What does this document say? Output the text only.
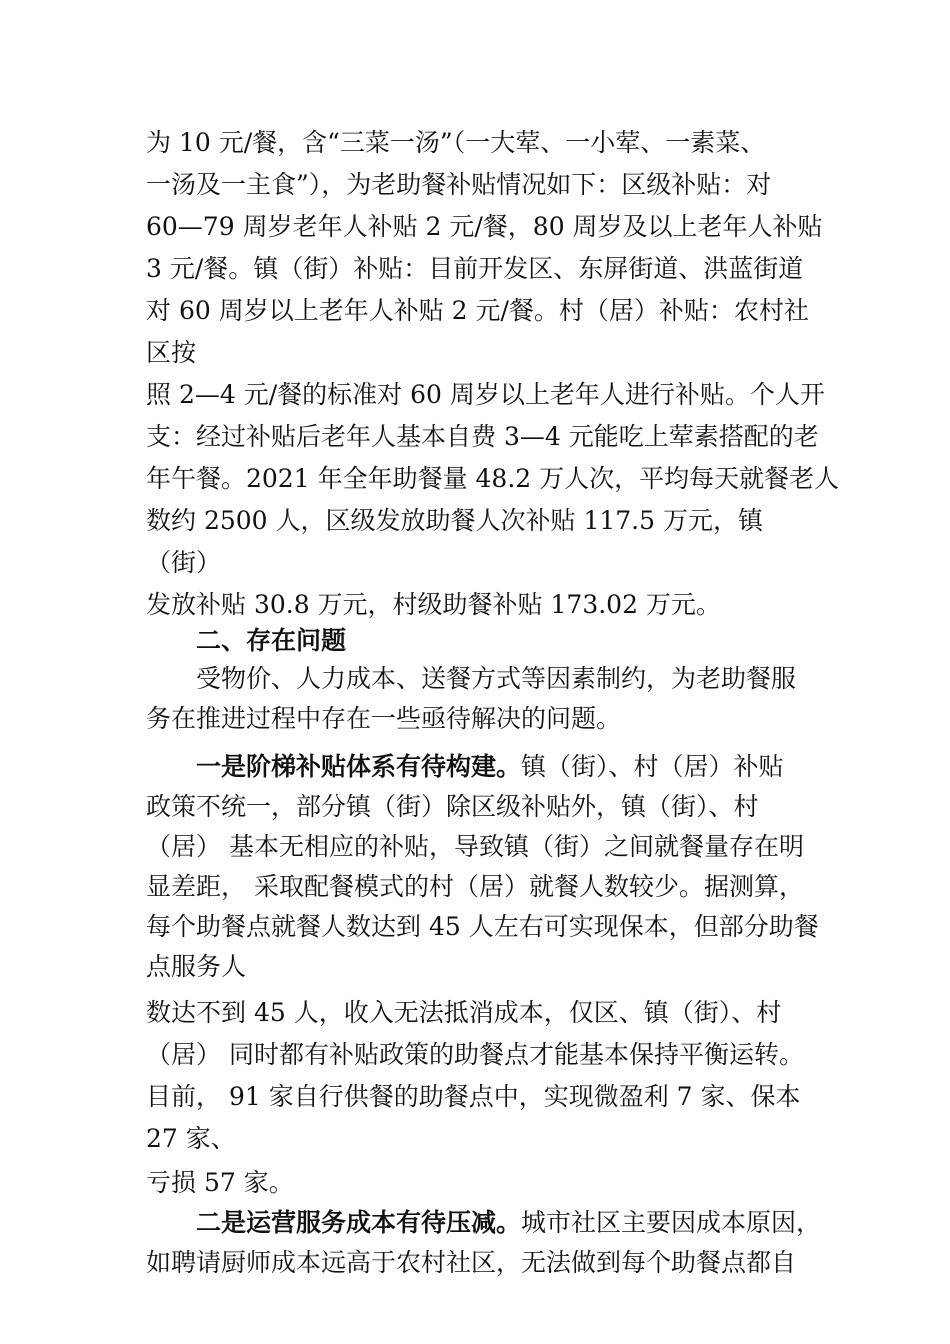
为 10 元/餐，含“三菜一汤”（一大荤、一小荤、一素菜、
一汤及一主食”），为老助餐补贴情况如下：区级补贴：对
60—79 周岁老年人补贴 2 元/餐，80 周岁及以上老年人补贴
3 元/餐。镇（街）补贴：目前开发区、东屏街道、洪蓝街道
对 60 周岁以上老年人补贴 2 元/餐。村（居）补贴：农村社
区按
照 2—4 元/餐的标准对 60 周岁以上老年人进行补贴。个人开
支：经过补贴后老年人基本自费 3—4 元能吃上荤素搭配的老
年午餐。2021 年全年助餐量 48.2 万人次，平均每天就餐老人
数约 2500 人，区级发放助餐人次补贴 117.5 万元，镇
（街）
发放补贴 30.8 万元，村级助餐补贴 173.02 万元。
二、存在问题
受物价、人力成本、送餐方式等因素制约，为老助餐服
务在推进过程中存在一些亟待解决的问题。
一是阶梯补贴体系有待构建。镇（街）、村（居）补贴
政策不统一，部分镇（街）除区级补贴外，镇（街）、村
（居） 基本无相应的补贴，导致镇（街）之间就餐量存在明
显差距， 采取配餐模式的村（居）就餐人数较少。据测算，
每个助餐点就餐人数达到 45 人左右可实现保本，但部分助餐
点服务人
数达不到 45 人，收入无法抵消成本，仅区、镇（街）、村
（居） 同时都有补贴政策的助餐点才能基本保持平衡运转。
目前， 91 家自行供餐的助餐点中，实现微盈利 7 家、保本
27 家、
亏损 57 家。
二是运营服务成本有待压减。城市社区主要因成本原因，
如聘请厨师成本远高于农村社区，无法做到每个助餐点都自
